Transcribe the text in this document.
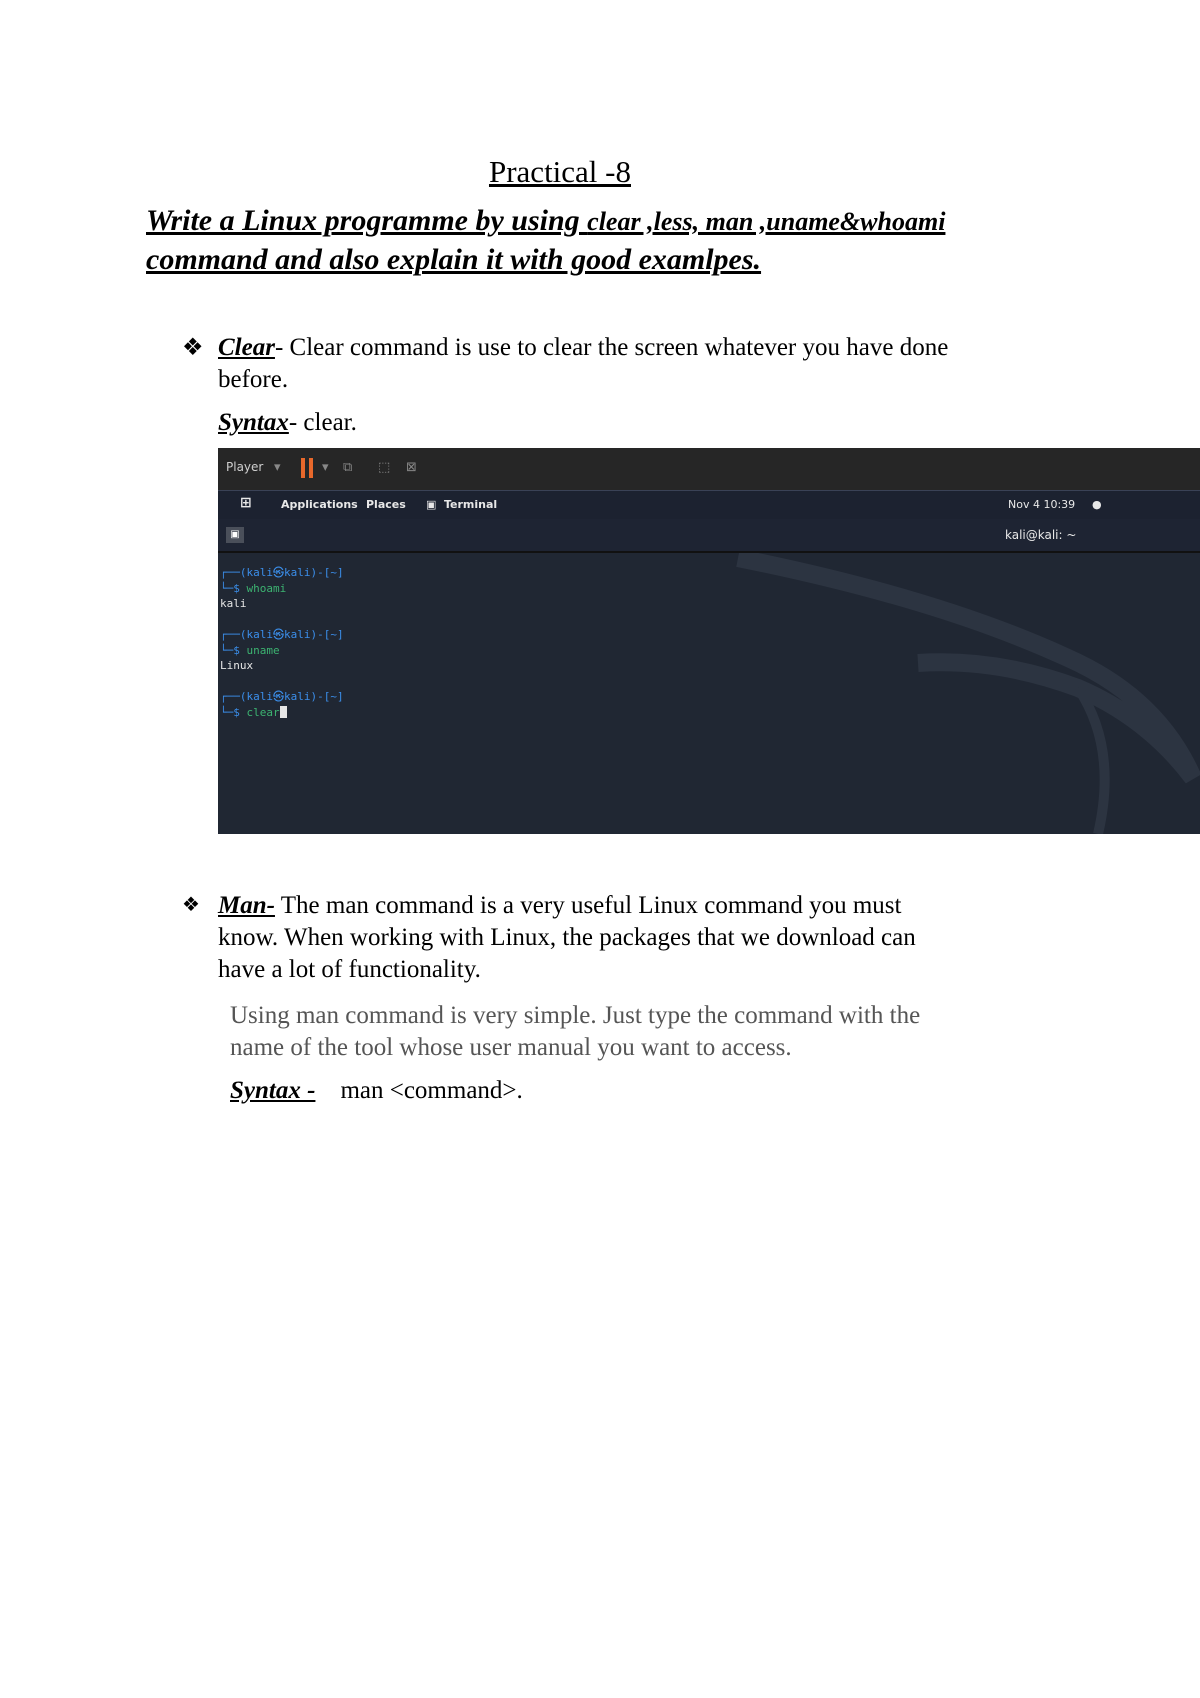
Practical -8
Write a Linux programme by using clear ,less, man ,uname&whoami
command and also explain it with good examlpes.
❖ Clear- Clear command is use to clear the screen whatever you have done
before.
Syntax- clear.
Player ▾	▾ ⧉ ⬚ ⊠
⊞	Applications Places ▣ Terminal	Nov 4 10:39 ●
▣	kali@kali: ~
┌──(kali㉿kali)-[~]
└─$ whoami
kali

┌──(kali㉿kali)-[~]
└─$ uname
Linux

┌──(kali㉿kali)-[~]
└─$ clear
❖ Man- The man command is a very useful Linux command you must
know. When working with Linux, the packages that we download can
have a lot of functionality.
Using man command is very simple. Just type the command with the
name of the tool whose user manual you want to access.
Syntax - man <command>.
